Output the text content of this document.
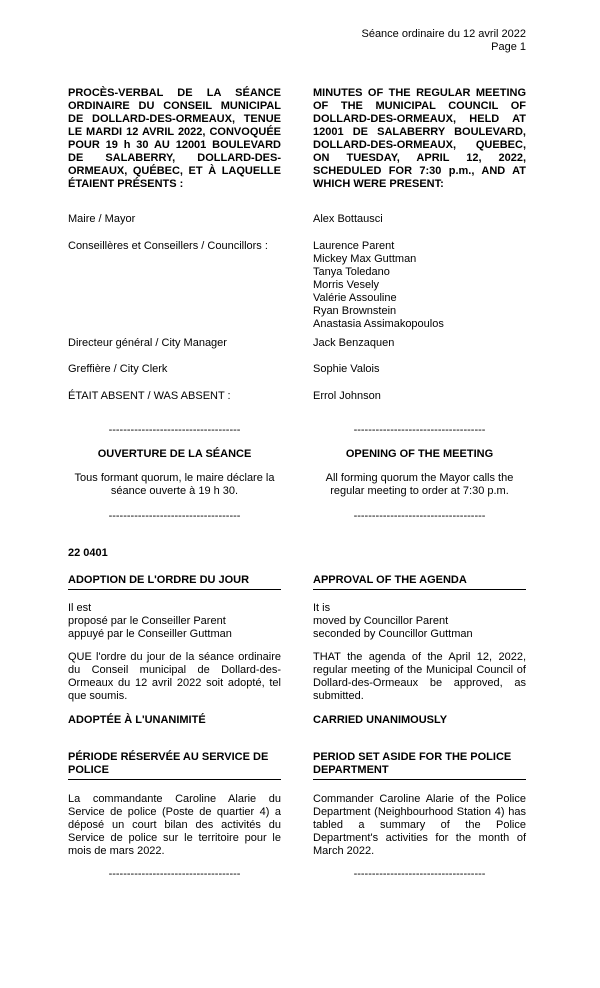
Séance ordinaire du 12 avril 2022
Page 1
PROCÈS-VERBAL DE LA SÉANCE ORDINAIRE DU CONSEIL MUNICIPAL DE DOLLARD-DES-ORMEAUX, TENUE LE MARDI 12 AVRIL 2022, CONVOQUÉE POUR 19 h 30 AU 12001 BOULEVARD DE SALABERRY, DOLLARD-DES-ORMEAUX, QUÉBEC, ET À LAQUELLE ÉTAIENT PRÉSENTS :
MINUTES OF THE REGULAR MEETING OF THE MUNICIPAL COUNCIL OF DOLLARD-DES-ORMEAUX, HELD AT 12001 DE SALABERRY BOULEVARD, DOLLARD-DES-ORMEAUX, QUEBEC, ON TUESDAY, APRIL 12, 2022, SCHEDULED FOR 7:30 p.m., AND AT WHICH WERE PRESENT:
Maire / Mayor	Alex Bottausci
Conseillères et Conseillers / Councillors :	Laurence Parent
Mickey Max Guttman
Tanya Toledano
Morris Vesely
Valérie Assouline
Ryan Brownstein
Anastasia Assimakopoulos
Directeur général / City Manager	Jack Benzaquen
Greffière / City Clerk	Sophie Valois
ÉTAIT ABSENT / WAS ABSENT :	Errol Johnson
------------------------------------	------------------------------------
OUVERTURE DE LA SÉANCE	OPENING OF THE MEETING
Tous formant quorum, le maire déclare la séance ouverte à 19 h 30.
All forming quorum the Mayor calls the regular meeting to order at 7:30 p.m.
------------------------------------	------------------------------------
22 0401
ADOPTION DE L'ORDRE DU JOUR	APPROVAL OF THE AGENDA
Il est
proposé par le Conseiller Parent
appuyé par le Conseiller Guttman
It is
moved by Councillor Parent
seconded by Councillor Guttman
QUE l'ordre du jour de la séance ordinaire du Conseil municipal de Dollard-des-Ormeaux du 12 avril 2022 soit adopté, tel que soumis.
THAT the agenda of the April 12, 2022, regular meeting of the Municipal Council of Dollard-des-Ormeaux be approved, as submitted.
ADOPTÉE À L'UNANIMITÉ	CARRIED UNANIMOUSLY
PÉRIODE RÉSERVÉE AU SERVICE DE POLICE
PERIOD SET ASIDE FOR THE POLICE DEPARTMENT
La commandante Caroline Alarie du Service de police (Poste de quartier 4) a déposé un court bilan des activités du Service de police sur le territoire pour le mois de mars 2022.
Commander Caroline Alarie of the Police Department (Neighbourhood Station 4) has tabled a summary of the Police Department's activities for the month of March 2022.
------------------------------------	------------------------------------
